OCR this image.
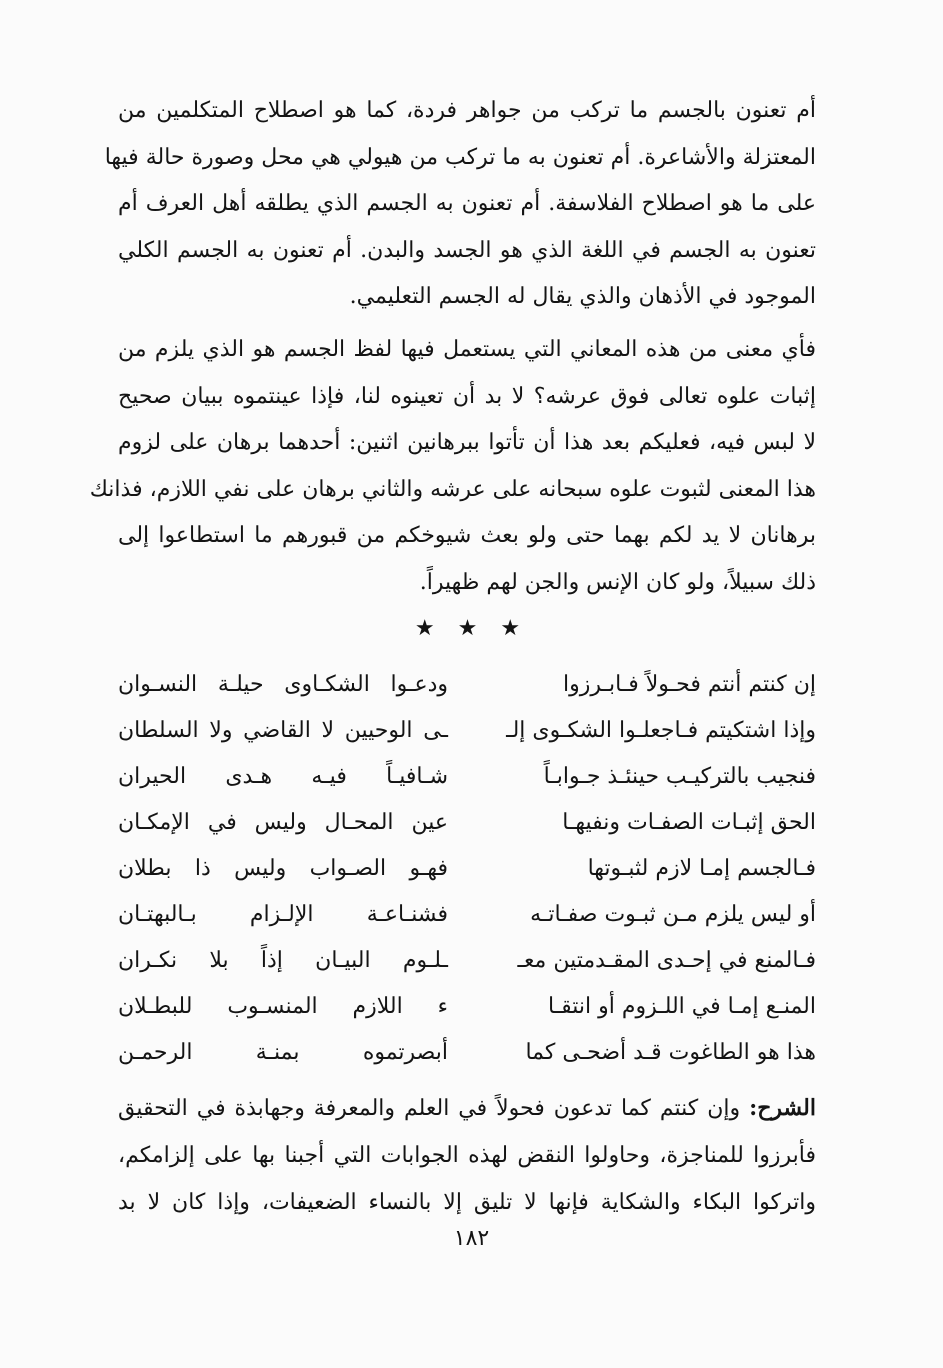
أم تعنون بالجسم ما تركب من جواهر فردة، كما هو اصطلاح المتكلمين من
المعتزلة والأشاعرة. أم تعنون به ما تركب من هيولي هي محل وصورة حالة فيها
على ما هو اصطلاح الفلاسفة. أم تعنون به الجسم الذي يطلقه أهل العرف أم
تعنون به الجسم في اللغة الذي هو الجسد والبدن. أم تعنون به الجسم الكلي
الموجود في الأذهان والذي يقال له الجسم التعليمي.
فأي معنى من هذه المعاني التي يستعمل فيها لفظ الجسم هو الذي يلزم من
إثبات علوه تعالى فوق عرشه؟ لا بد أن تعينوه لنا، فإذا عينتموه ببيان صحيح
لا لبس فيه، فعليكم بعد هذا أن تأتوا ببرهانين اثنين: أحدهما برهان على لزوم
هذا المعنى لثبوت علوه سبحانه على عرشه والثاني برهان على نفي اللازم، فذانك
برهانان لا يد لكم بهما حتى ولو بعث شيوخكم من قبورهم ما استطاعوا إلى
ذلك سبيلاً، ولو كان الإنس والجن لهم ظهيراً.
★ ★ ★
إن كنتم أنتم فحـولاً فـابـرزوا
ودعـوا الشكـاوى حيلـة النسـوان
وإذا اشتكيتم فـاجعلـوا الشكـوى إلـ
ـى الوحيين لا القاضي ولا السلطان
فنجيب بالتركيـب حينئـذ جـوابـاً
شـافيـاً فيـه هـدى الحيران
الحق إثبـات الصفـات ونفيهـا
عين المحـال وليس في الإمكـان
فـالجسم إمـا لازم لثبـوتها
فهـو الصـواب وليس ذا بطلان
أو ليس يلزم مـن ثبـوت صفـاتـه
فشنـاعـة الإلـزام بـالبهتـان
فـالمنع في إحـدى المقـدمتين معـ
ـلـوم البيـان إذاً بلا نكـران
المنـع إمـا في اللـزوم أو انتقـا
ء اللازم المنسـوب للبطـلان
هذا هو الطاغوت قـد أضحـى كما
أبصرتموه بمنـة الرحمـن
الشرح: وإن كنتم كما تدعون فحولاً في العلم والمعرفة وجهابذة في التحقيق
فأبرزوا للمناجزة، وحاولوا النقض لهذه الجوابات التي أجبنا بها على إلزامكم،
واتركوا البكاء والشكاية فإنها لا تليق إلا بالنساء الضعيفات، وإذا كان لا بد
١٨٢
